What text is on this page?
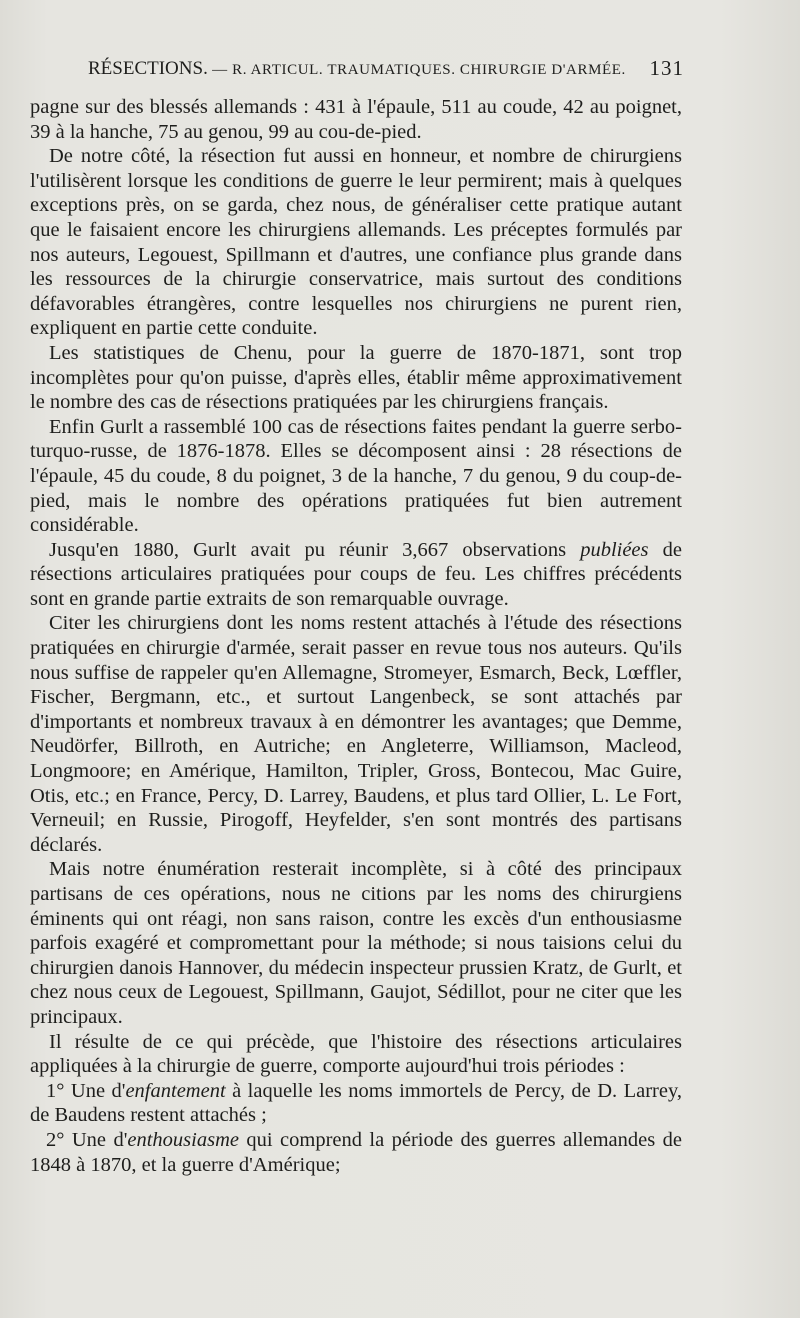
RÉSECTIONS. — R. ARTICUL. TRAUMATIQUES. CHIRURGIE D'ARMÉE. 131

pagne sur des blessés allemands : 431 à l'épaule, 511 au coude, 42 au poignet, 39 à la hanche, 75 au genou, 99 au cou-de-pied.

De notre côté, la résection fut aussi en honneur, et nombre de chirurgiens l'utilisèrent lorsque les conditions de guerre le leur permirent; mais à quelques exceptions près, on se garda, chez nous, de généraliser cette pratique autant que le faisaient encore les chirurgiens allemands. Les préceptes formulés par nos auteurs, Legouest, Spillmann et d'autres, une confiance plus grande dans les ressources de la chirurgie conservatrice, mais surtout des conditions défavorables étrangères, contre lesquelles nos chirurgiens ne purent rien, expliquent en partie cette conduite.

Les statistiques de Chenu, pour la guerre de 1870-1871, sont trop incomplètes pour qu'on puisse, d'après elles, établir même approximativement le nombre des cas de résections pratiquées par les chirurgiens français.

Enfin Gurlt a rassemblé 100 cas de résections faites pendant la guerre serbo-turquo-russe, de 1876-1878. Elles se décomposent ainsi : 28 résections de l'épaule, 45 du coude, 8 du poignet, 3 de la hanche, 7 du genou, 9 du coup-de-pied, mais le nombre des opérations pratiquées fut bien autrement considérable.

Jusqu'en 1880, Gurlt avait pu réunir 3,667 observations publiées de résections articulaires pratiquées pour coups de feu. Les chiffres précédents sont en grande partie extraits de son remarquable ouvrage.

Citer les chirurgiens dont les noms restent attachés à l'étude des résections pratiquées en chirurgie d'armée, serait passer en revue tous nos auteurs. Qu'ils nous suffise de rappeler qu'en Allemagne, Stromeyer, Esmarch, Beck, Lœffler, Fischer, Bergmann, etc., et surtout Langenbeck, se sont attachés par d'importants et nombreux travaux à en démontrer les avantages; que Demme, Neudörfer, Billroth, en Autriche; en Angleterre, Williamson, Macleod, Longmoore; en Amérique, Hamilton, Tripler, Gross, Bontecou, Mac Guire, Otis, etc.; en France, Percy, D. Larrey, Baudens, et plus tard Ollier, L. Le Fort, Verneuil; en Russie, Pirogoff, Heyfelder, s'en sont montrés des partisans déclarés.

Mais notre énumération resterait incomplète, si à côté des principaux partisans de ces opérations, nous ne citions par les noms des chirurgiens éminents qui ont réagi, non sans raison, contre les excès d'un enthousiasme parfois exagéré et compromettant pour la méthode; si nous taisions celui du chirurgien danois Hannover, du médecin inspecteur prussien Kratz, de Gurlt, et chez nous ceux de Legouest, Spillmann, Gaujot, Sédillot, pour ne citer que les principaux.

Il résulte de ce qui précède, que l'histoire des résections articulaires appliquées à la chirurgie de guerre, comporte aujourd'hui trois périodes :

1° Une d'enfantement à laquelle les noms immortels de Percy, de D. Larrey, de Baudens restent attachés ;

2° Une d'enthousiasme qui comprend la période des guerres allemandes de 1848 à 1870, et la guerre d'Amérique;
